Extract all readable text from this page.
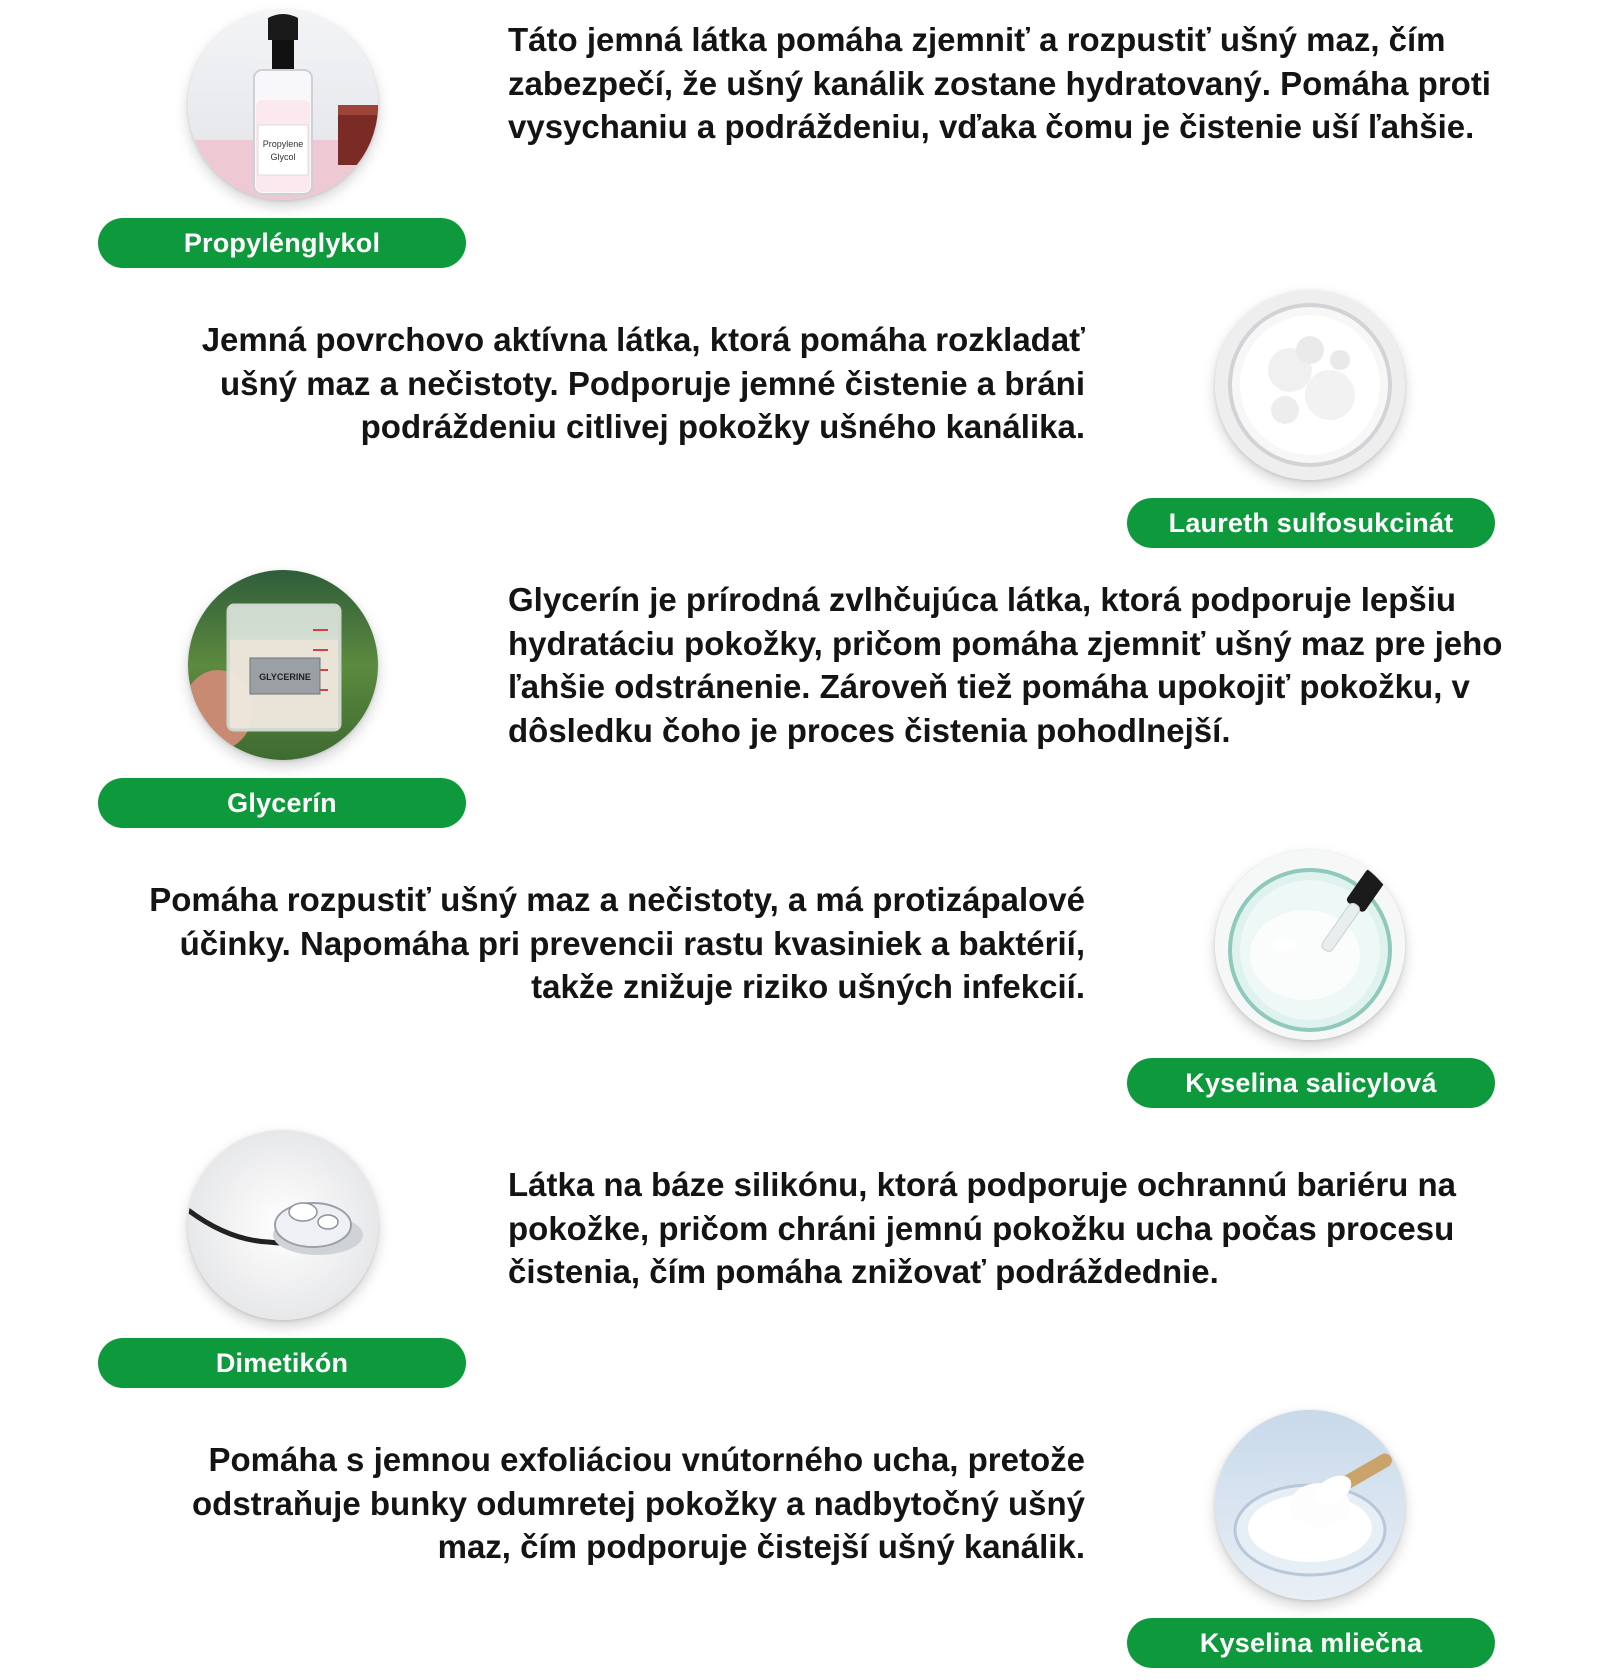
Propylene
Glycol
Propylénglykol

Táto jemná látka pomáha zjemniť a rozpustiť ušný maz, čím zabezpečí, že ušný kanálik zostane hydratovaný. Pomáha proti vysychaniu a podráždeniu, vďaka čomu je čistenie uší ľahšie.

Laureth sulfosukcinát

Jemná povrchovo aktívna látka, ktorá pomáha rozkladať ušný maz a nečistoty. Podporuje jemné čistenie a bráni podráždeniu citlivej pokožky ušného kanálika.

GLYCERINE
Glycerín

Glycerín je prírodná zvlhčujúca látka, ktorá podporuje lepšiu hydratáciu pokožky, pričom pomáha zjemniť ušný maz pre jeho ľahšie odstránenie. Zároveň tiež pomáha upokojiť pokožku, v dôsledku čoho je proces čistenia pohodlnejší.

Kyselina salicylová

Pomáha rozpustiť ušný maz a nečistoty, a má protizápalové účinky. Napomáha pri prevencii rastu kvasiniek a baktérií, takže znižuje riziko ušných infekcií.

Dimetikón

Látka na báze silikónu, ktorá podporuje ochrannú bariéru na pokožke, pričom chráni jemnú pokožku ucha počas procesu čistenia, čím pomáha znižovať podráždednie.

Kyselina mliečna

Pomáha s jemnou exfoliáciou vnútorného ucha, pretože odstraňuje bunky odumretej pokožky a nadbytočný ušný maz, čím podporuje čistejší ušný kanálik.
